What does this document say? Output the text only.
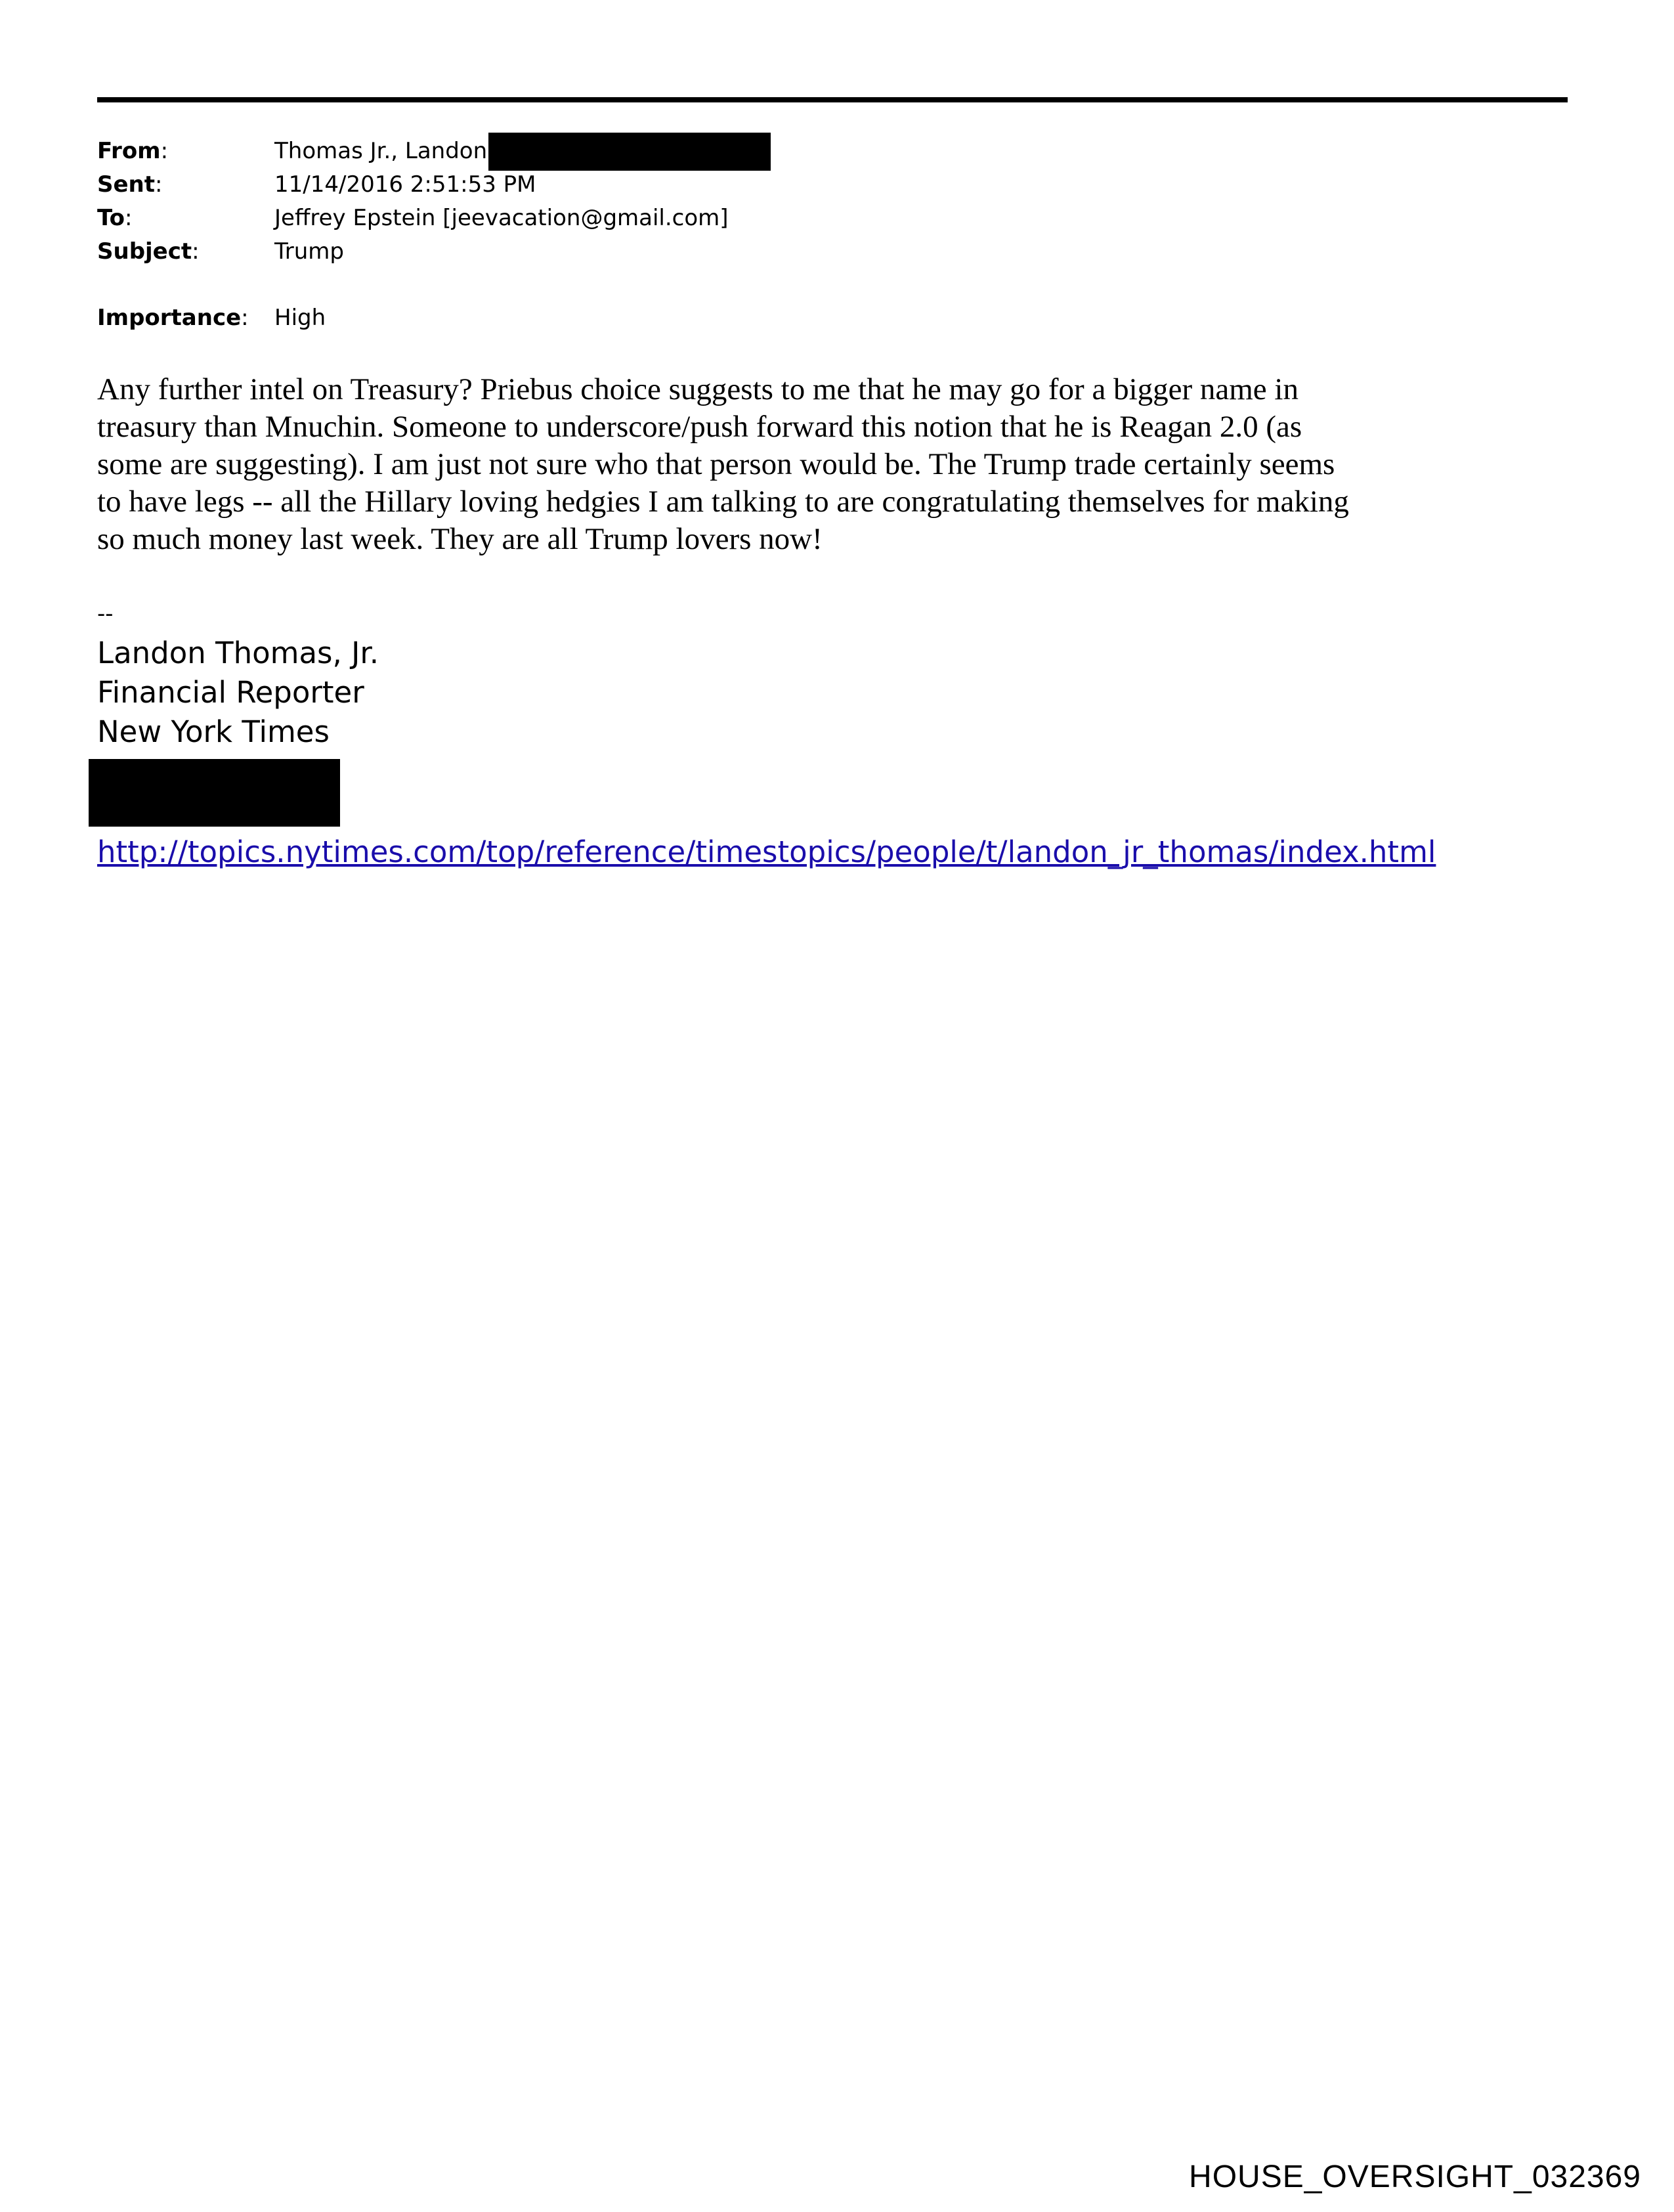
From:	Thomas Jr., Landon
Sent:	11/14/2016 2:51:53 PM
To:	Jeffrey Epstein [jeevacation@gmail.com]
Subject:	Trump
Importance:	High
Any further intel on Treasury? Priebus choice suggests to me that he may go for a bigger name in
treasury than Mnuchin. Someone to underscore/push forward this notion that he is Reagan 2.0 (as
some are suggesting). I am just not sure who that person would be. The Trump trade certainly seems
to have legs -- all the Hillary loving hedgies I am talking to are congratulating themselves for making
so much money last week. They are all Trump lovers now!
--
Landon Thomas, Jr.
Financial Reporter
New York Times
http://topics.nytimes.com/top/reference/timestopics/people/t/landon_jr_thomas/index.html
HOUSE_OVERSIGHT_032369
